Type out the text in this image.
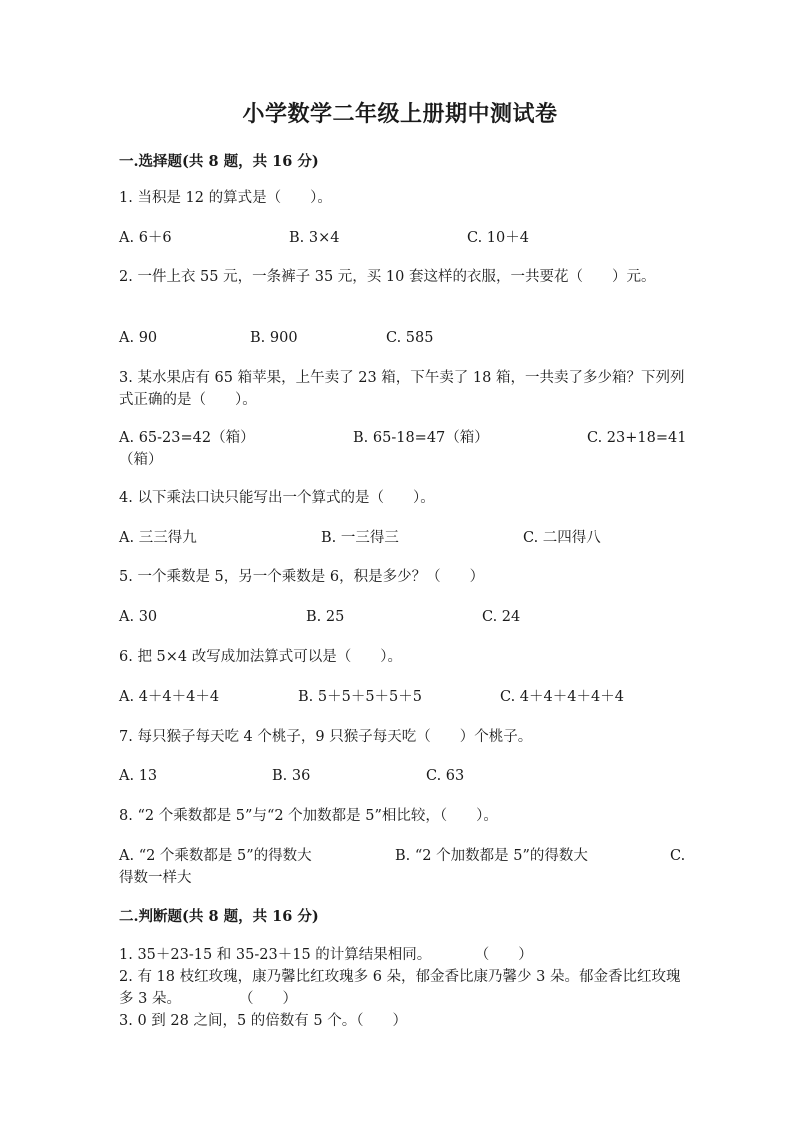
小学数学二年级上册期中测试卷
一.选择题(共 8 题，共 16 分)
1. 当积是 12 的算式是（　　）。
A. 6＋6	B. 3×4	C. 10＋4
2. 一件上衣 55 元，一条裤子 35 元，买 10 套这样的衣服，一共要花（　　）元。
A. 90	B. 900	C. 585
3. 某水果店有 65 箱苹果，上午卖了 23 箱，下午卖了 18 箱，一共卖了多少箱？下列列式正确的是（　　）。
A. 65-23=42（箱）	B. 65-18=47（箱）	C. 23+18=41
（箱）
4. 以下乘法口诀只能写出一个算式的是（　　）。
A. 三三得九	B. 一三得三	C. 二四得八
5. 一个乘数是 5，另一个乘数是 6，积是多少？（　　）
A. 30	B. 25	C. 24
6. 把 5×4 改写成加法算式可以是（　　）。
A. 4＋4＋4＋4	B. 5＋5＋5＋5＋5	C. 4＋4＋4＋4＋4
7. 每只猴子每天吃 4 个桃子，9 只猴子每天吃（　　）个桃子。
A. 13	B. 36	C. 63
8. “2 个乘数都是 5”与“2 个加数都是 5”相比较，（　　）。
A. “2 个乘数都是 5”的得数大	B. “2 个加数都是 5”的得数大	C.
得数一样大
二.判断题(共 8 题，共 16 分)
1. 35＋23-15 和 35-23＋15 的计算结果相同。　　　　（　　）
2. 有 18 枝红玫瑰，康乃馨比红玫瑰多 6 朵，郁金香比康乃馨少 3 朵。郁金香比红玫瑰多 3 朵。　　　　　（　　）
3. 0 到 28 之间，5 的倍数有 5 个。（　　）
